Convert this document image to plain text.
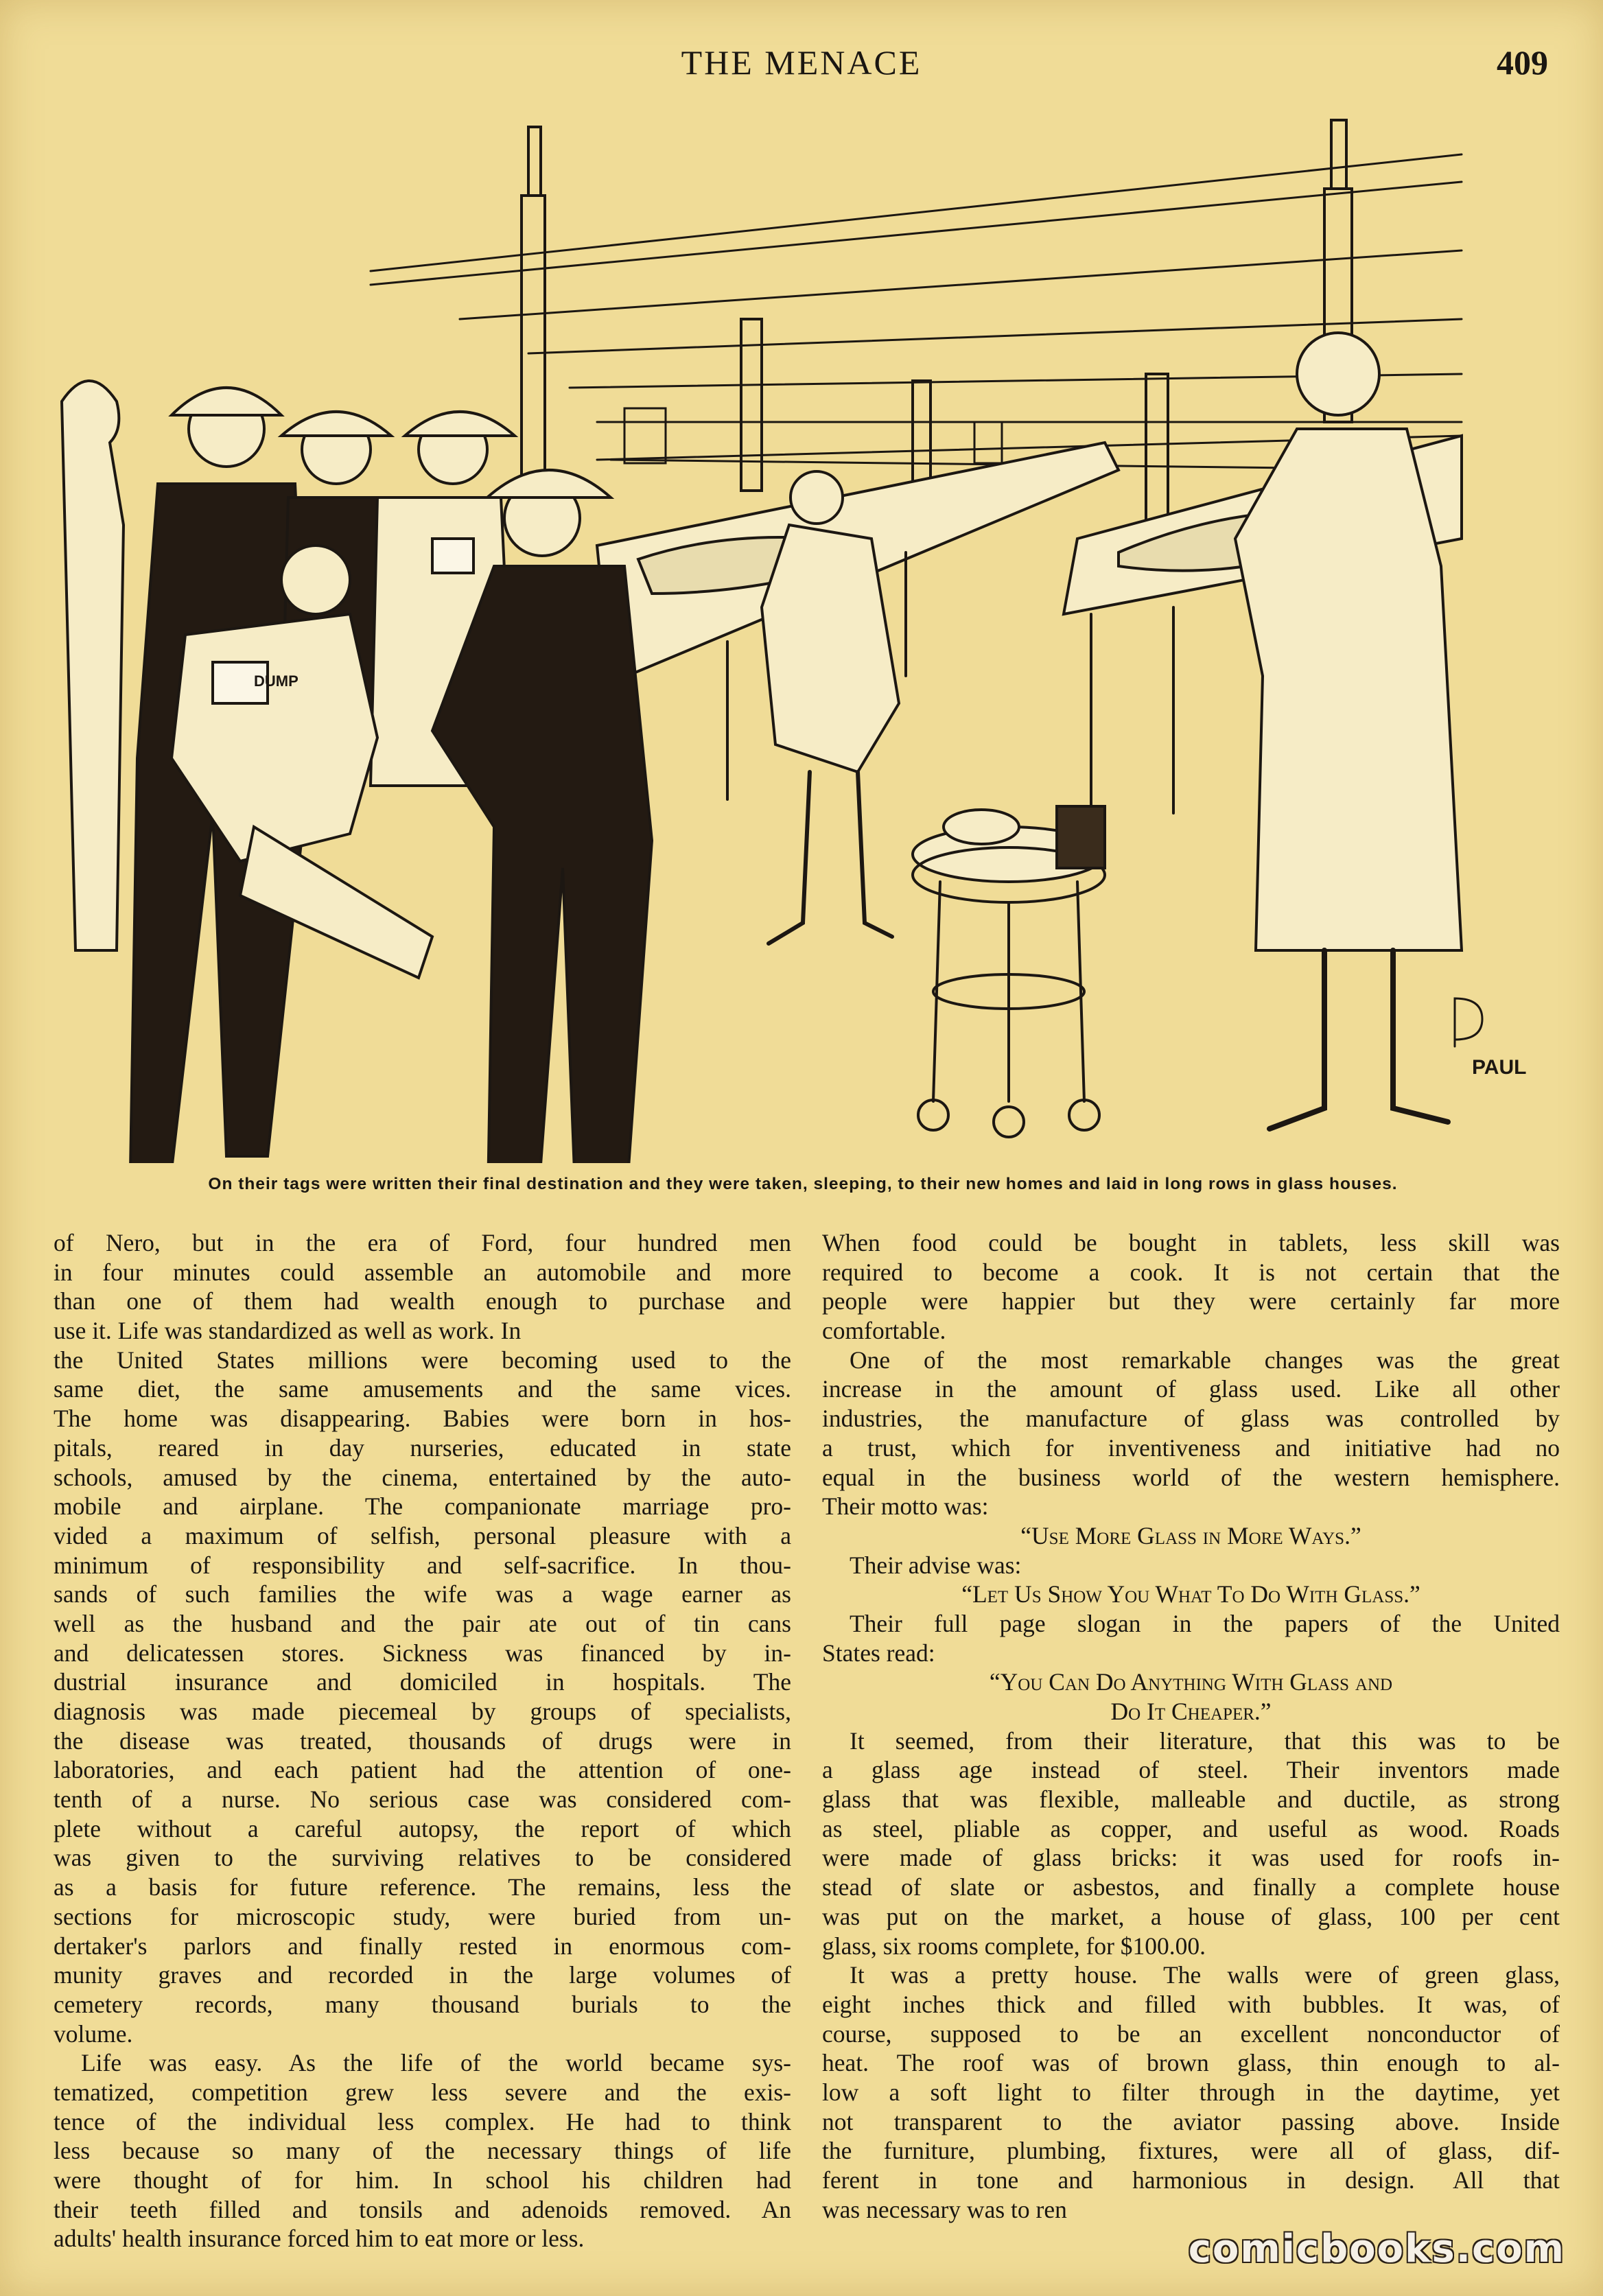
THE MENACE	409
DUMP
PAUL
On their tags were written their final destination and they were taken, sleeping, to their new homes and laid in long rows in glass houses.
of Nero, but in the era of Ford, four hundred men
in four minutes could assemble an automobile and more
than one of them had wealth enough to purchase and
use it. Life was standardized as well as work. In
the United States millions were becoming used to the
same diet, the same amusements and the same vices.
The home was disappearing. Babies were born in hos-
pitals, reared in day nurseries, educated in state
schools, amused by the cinema, entertained by the auto-
mobile and airplane. The companionate marriage pro-
vided a maximum of selfish, personal pleasure with a
minimum of responsibility and self-sacrifice. In thou-
sands of such families the wife was a wage earner as
well as the husband and the pair ate out of tin cans
and delicatessen stores. Sickness was financed by in-
dustrial insurance and domiciled in hospitals. The
diagnosis was made piecemeal by groups of specialists,
the disease was treated, thousands of drugs were in
laboratories, and each patient had the attention of one-
tenth of a nurse. No serious case was considered com-
plete without a careful autopsy, the report of which
was given to the surviving relatives to be considered
as a basis for future reference. The remains, less the
sections for microscopic study, were buried from un-
dertaker's parlors and finally rested in enormous com-
munity graves and recorded in the large volumes of
cemetery records, many thousand burials to the
volume.
Life was easy. As the life of the world became sys-
tematized, competition grew less severe and the exis-
tence of the individual less complex. He had to think
less because so many of the necessary things of life
were thought of for him. In school his children had
their teeth filled and tonsils and adenoids removed. An
adults' health insurance forced him to eat more or less.
When food could be bought in tablets, less skill was
required to become a cook. It is not certain that the
people were happier but they were certainly far more
comfortable.
One of the most remarkable changes was the great
increase in the amount of glass used. Like all other
industries, the manufacture of glass was controlled by
a trust, which for inventiveness and initiative had no
equal in the business world of the western hemisphere.
Their motto was:
“Use More Glass in More Ways.”
Their advise was:
“Let Us Show You What To Do With Glass.”
Their full page slogan in the papers of the United
States read:
“You Can Do Anything With Glass and
Do It Cheaper.”
It seemed, from their literature, that this was to be
a glass age instead of steel. Their inventors made
glass that was flexible, malleable and ductile, as strong
as steel, pliable as copper, and useful as wood. Roads
were made of glass bricks: it was used for roofs in-
stead of slate or asbestos, and finally a complete house
was put on the market, a house of glass, 100 per cent
glass, six rooms complete, for $100.00.
It was a pretty house. The walls were of green glass,
eight inches thick and filled with bubbles. It was, of
course, supposed to be an excellent nonconductor of
heat. The roof was of brown glass, thin enough to al-
low a soft light to filter through in the daytime, yet
not transparent to the aviator passing above. Inside
the furniture, plumbing, fixtures, were all of glass, dif-
ferent in tone and harmonious in design. All that
was necessary was to ren
comicbooks.com
